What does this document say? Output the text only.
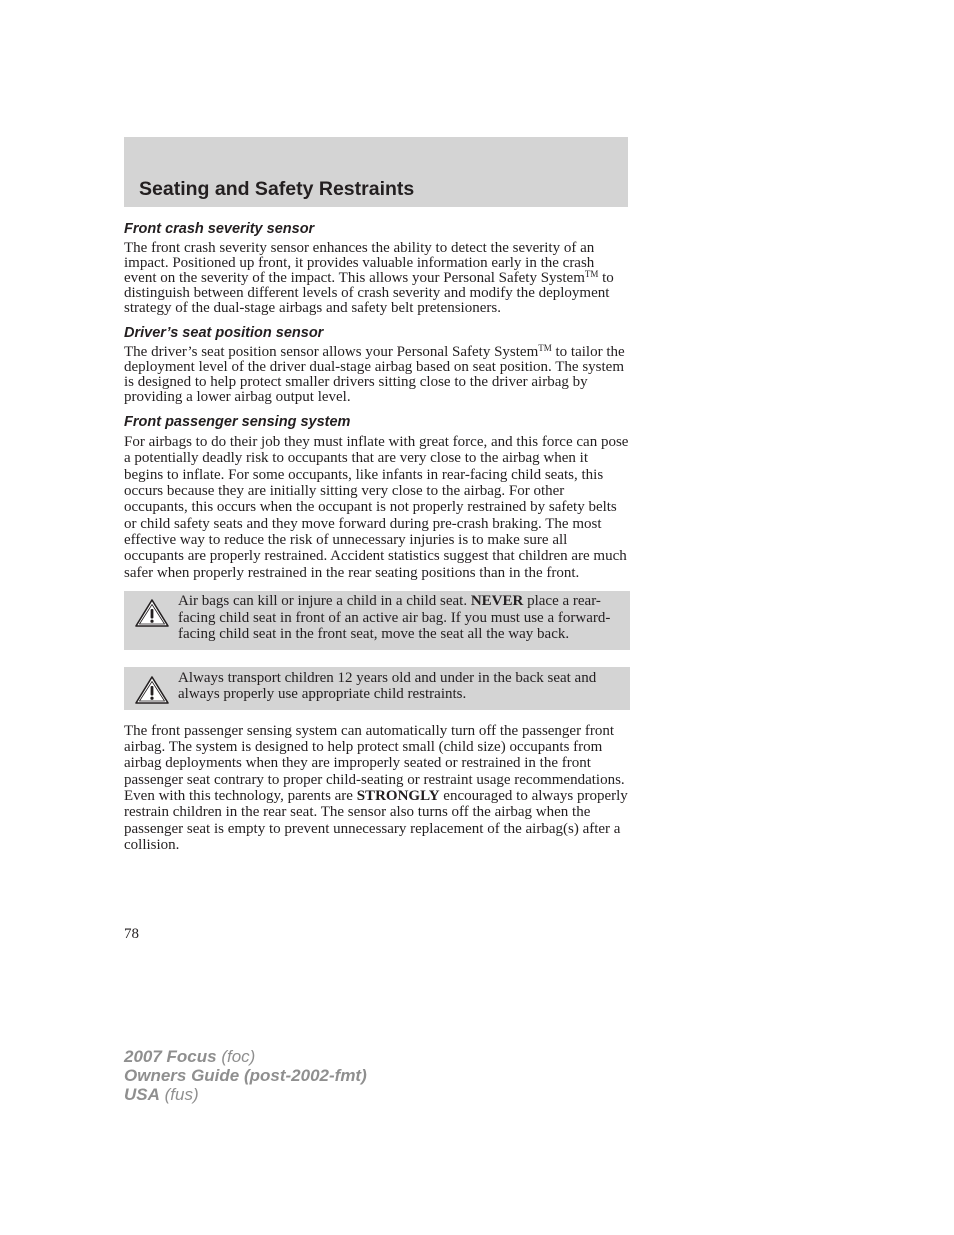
Seating and Safety Restraints
Front crash severity sensor

The front crash severity sensor enhances the ability to detect the severity of an impact. Positioned up front, it provides valuable information early in the crash event on the severity of the impact. This allows your Personal Safety System™ to distinguish between different levels of crash severity and modify the deployment strategy of the dual-stage airbags and safety belt pretensioners.

Driver’s seat position sensor

The driver’s seat position sensor allows your Personal Safety System™ to tailor the deployment level of the driver dual-stage airbag based on seat position. The system is designed to help protect smaller drivers sitting close to the driver airbag by providing a lower airbag output level.

Front passenger sensing system

For airbags to do their job they must inflate with great force, and this force can pose a potentially deadly risk to occupants that are very close to the airbag when it begins to inflate. For some occupants, like infants in rear-facing child seats, this occurs because they are initially sitting very close to the airbag. For other occupants, this occurs when the occupant is not properly restrained by safety belts or child safety seats and they move forward during pre-crash braking. The most effective way to reduce the risk of unnecessary injuries is to make sure all occupants are properly restrained. Accident statistics suggest that children are much safer when properly restrained in the rear seating positions than in the front.

Air bags can kill or injure a child in a child seat. NEVER place a rear-facing child seat in front of an active air bag. If you must use a forward-facing child seat in the front seat, move the seat all the way back.

Always transport children 12 years old and under in the back seat and always properly use appropriate child restraints.

The front passenger sensing system can automatically turn off the passenger front airbag. The system is designed to help protect small (child size) occupants from airbag deployments when they are improperly seated or restrained in the front passenger seat contrary to proper child-seating or restraint usage recommendations. Even with this technology, parents are STRONGLY encouraged to always properly restrain children in the rear seat. The sensor also turns off the airbag when the passenger seat is empty to prevent unnecessary replacement of the airbag(s) after a collision.

78

2007 Focus (foc)
Owners Guide (post-2002-fmt)
USA (fus)
